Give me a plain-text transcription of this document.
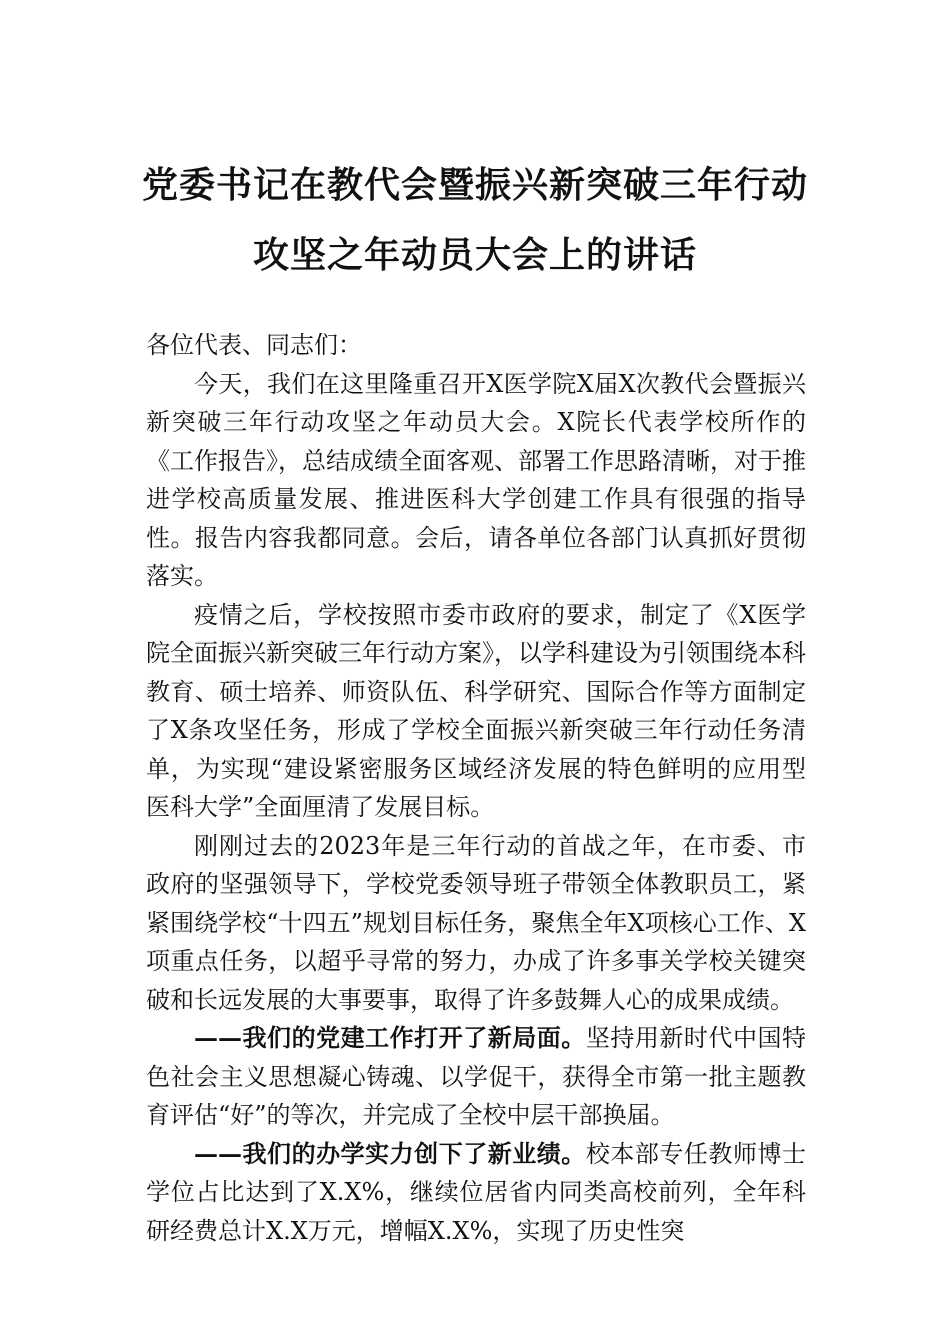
党委书记在教代会暨振兴新突破三年行动
攻坚之年动员大会上的讲话

各位代表、同志们：

今天，我们在这里隆重召开X医学院X届X次教代会暨振兴新突破三年行动攻坚之年动员大会。X院长代表学校所作的《工作报告》，总结成绩全面客观、部署工作思路清晰，对于推进学校高质量发展、推进医科大学创建工作具有很强的指导性。报告内容我都同意。会后，请各单位各部门认真抓好贯彻落实。

疫情之后，学校按照市委市政府的要求，制定了《X医学院全面振兴新突破三年行动方案》，以学科建设为引领围绕本科教育、硕士培养、师资队伍、科学研究、国际合作等方面制定了X条攻坚任务，形成了学校全面振兴新突破三年行动任务清单，为实现“建设紧密服务区域经济发展的特色鲜明的应用型医科大学”全面厘清了发展目标。

刚刚过去的2023年是三年行动的首战之年，在市委、市政府的坚强领导下，学校党委领导班子带领全体教职员工，紧紧围绕学校“十四五”规划目标任务，聚焦全年X项核心工作、X项重点任务，以超乎寻常的努力，办成了许多事关学校关键突破和长远发展的大事要事，取得了许多鼓舞人心的成果成绩。

——我们的党建工作打开了新局面。坚持用新时代中国特色社会主义思想凝心铸魂、以学促干，获得全市第一批主题教育评估“好”的等次，并完成了全校中层干部换届。

——我们的办学实力创下了新业绩。校本部专任教师博士学位占比达到了X.X%，继续位居省内同类高校前列，全年科研经费总计X.X万元，增幅X.X%，实现了历史性突
